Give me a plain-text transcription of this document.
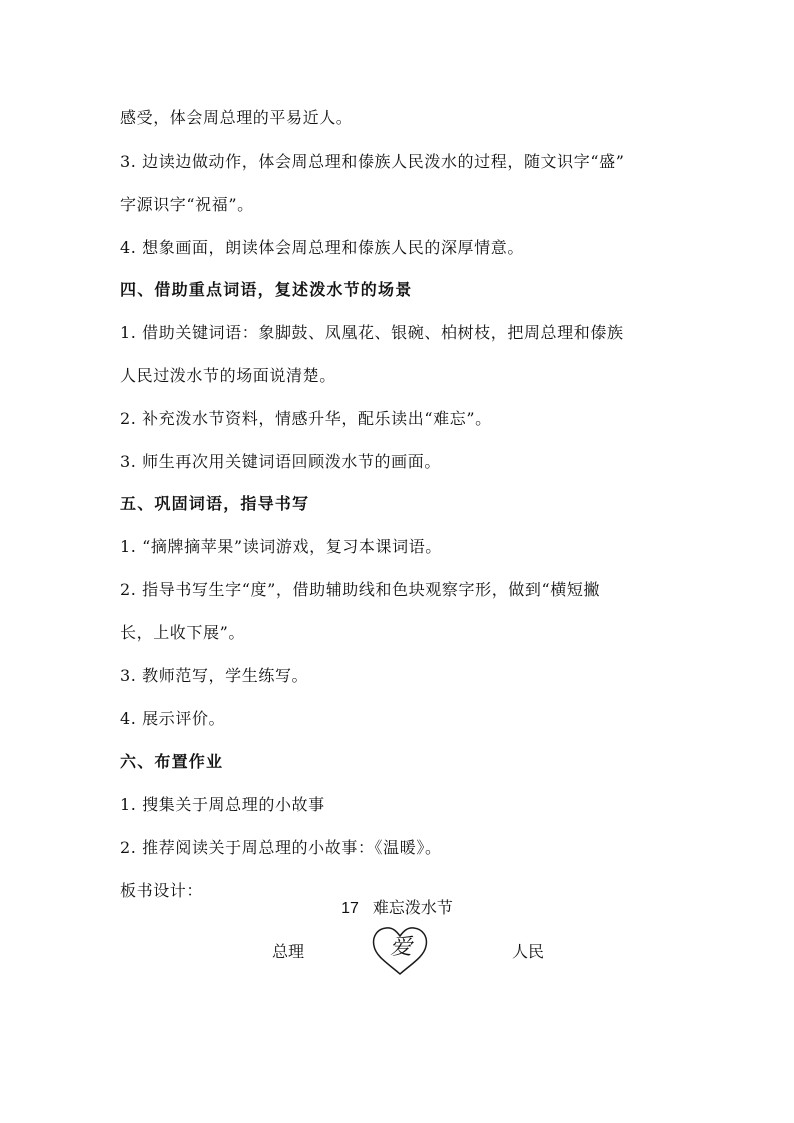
感受，体会周总理的平易近人。
3. 边读边做动作，体会周总理和傣族人民泼水的过程，随文识字“盛”
字源识字“祝福”。
4. 想象画面，朗读体会周总理和傣族人民的深厚情意。
四、借助重点词语，复述泼水节的场景
1. 借助关键词语：象脚鼓、凤凰花、银碗、柏树枝，把周总理和傣族
人民过泼水节的场面说清楚。
2. 补充泼水节资料，情感升华，配乐读出“难忘”。
3. 师生再次用关键词语回顾泼水节的画面。
五、巩固词语，指导书写
1. “摘牌摘苹果”读词游戏，复习本课词语。
2. 指导书写生字“度”，借助辅助线和色块观察字形，做到“横短撇
长，上收下展”。
3. 教师范写，学生练写。
4. 展示评价。
六、布置作业
1. 搜集关于周总理的小故事
2. 推荐阅读关于周总理的小故事：《温暖》。
板书设计：
17 难忘泼水节
总理	爱	人民
